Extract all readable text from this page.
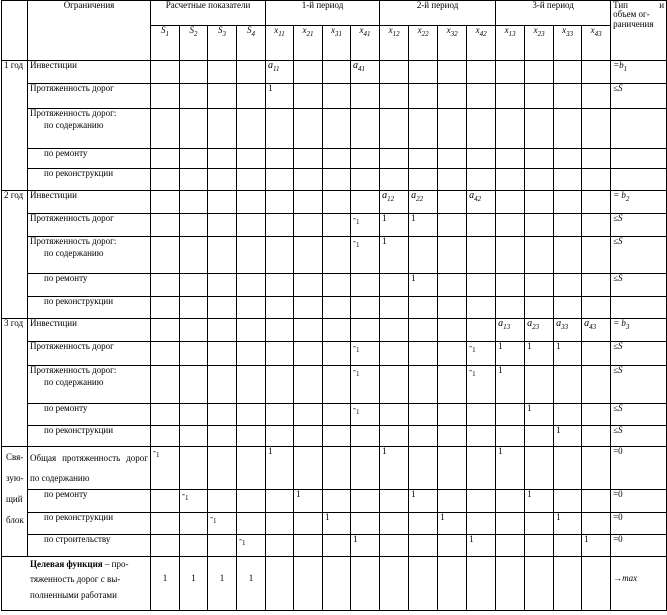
	Ограничения	Расчетные показатели				1-й период				2-й период				3-й период				Тип и
объем ог-
раничения

		$S_1$	$S_2$	$S_3$	$S_4$	$x_{11}$	$x_{21}$	$x_{31}$	$x_{41}$	$x_{12}$	$x_{22}$	$x_{32}$	$x_{42}$	$x_{13}$	$x_{23}$	$x_{33}$	$x_{43}$
1 год	Инвестиции					$a_{11}$			$a_{41}$									$=b_1$
	Протяженность дорог					1												≤S

	Протяженность дорог:
по содержанию																	

	по ремонту																	

	по реконструкции																	

2 год	Инвестиции									$a_{12}$	$a_{22}$		$a_{42}$					= $b_2$
	Протяженность дорог								$-_1$	1	1							≤S

	Протяженность дорог:
по содержанию								$-_1$	1								≤S

	по ремонту										1							≤S

	по реконструкции																	

3 год	Инвестиции													$a_{13}$	$a_{23}$	$a_{33}$	$a_{43}$	= $b_3$
	Протяженность дорог								$-_1$				$-_1$	1	1	1		≤S

	Протяженность дорог:
по содержанию								$-_1$				$-_1$	1				≤S

	по ремонту								$-_1$						1			≤S

	по реконструкции															1		≤S
Свя-зую-щий блок	Общая протяженность дорог по содержанию	$-_1$				1				1				1				=0

	по ремонту		$-_1$				1				1				1			=0

	по реконструкции			$-_1$				1				1				1		=0

	по строительству				$-_1$				1				1				1	=0
Целевая функция – про-тяженность дорог с вы-полненными работами		1	1	1	1													→max
